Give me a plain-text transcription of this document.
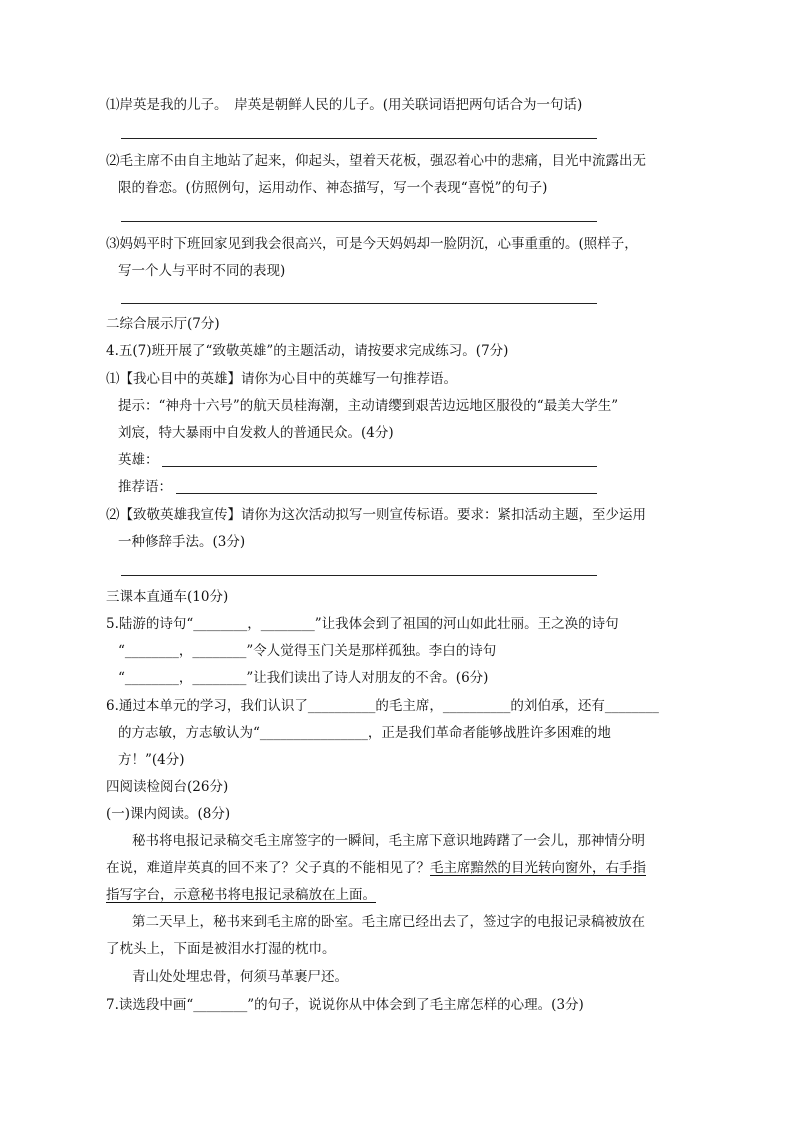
⑴岸英是我的儿子。　岸英是朝鲜人民的儿子。(用关联词语把两句话合为一句话)
⑵毛主席不由自主地站了起来，仰起头，望着天花板，强忍着心中的悲痛，目光中流露出无
限的眷恋。(仿照例句，运用动作、神态描写，写一个表现“喜悦”的句子)
⑶妈妈平时下班回家见到我会很高兴，可是今天妈妈却一脸阴沉，心事重重的。(照样子，
写一个人与平时不同的表现)
二综合展示厅(7分)
4.五(7)班开展了“致敬英雄”的主题活动，请按要求完成练习。(7分)
⑴【我心目中的英雄】请你为心目中的英雄写一句推荐语。
提示：“神舟十六号”的航天员桂海潮，主动请缨到艰苦边远地区服役的“最美大学生”
刘宸，特大暴雨中自发救人的普通民众。(4分)
英雄：
推荐语：
⑵【致敬英雄我宣传】请你为这次活动拟写一则宣传标语。要求：紧扣活动主题，至少运用
一种修辞手法。(3分)
三课本直通车(10分)
5.陆游的诗句“________，________”让我体会到了祖国的河山如此壮丽。王之涣的诗句
“________，________”令人觉得玉门关是那样孤独。李白的诗句
“________，________”让我们读出了诗人对朋友的不舍。(6分)
6.通过本单元的学习，我们认识了__________的毛主席，__________的刘伯承，还有________
的方志敏，方志敏认为“________________，正是我们革命者能够战胜许多困难的地
方！”(4分)
四阅读检阅台(26分)
(一)课内阅读。(8分)
秘书将电报记录稿交毛主席签字的一瞬间，毛主席下意识地踌躇了一会儿，那神情分明
在说，难道岸英真的回不来了？父子真的不能相见了？毛主席黯然的目光转向窗外，右手指
指写字台，示意秘书将电报记录稿放在上面。
第二天早上，秘书来到毛主席的卧室。毛主席已经出去了，签过字的电报记录稿被放在
了枕头上，下面是被泪水打湿的枕巾。
青山处处埋忠骨，何须马革裹尸还。
7.读选段中画“________”的句子，说说你从中体会到了毛主席怎样的心理。(3分)
